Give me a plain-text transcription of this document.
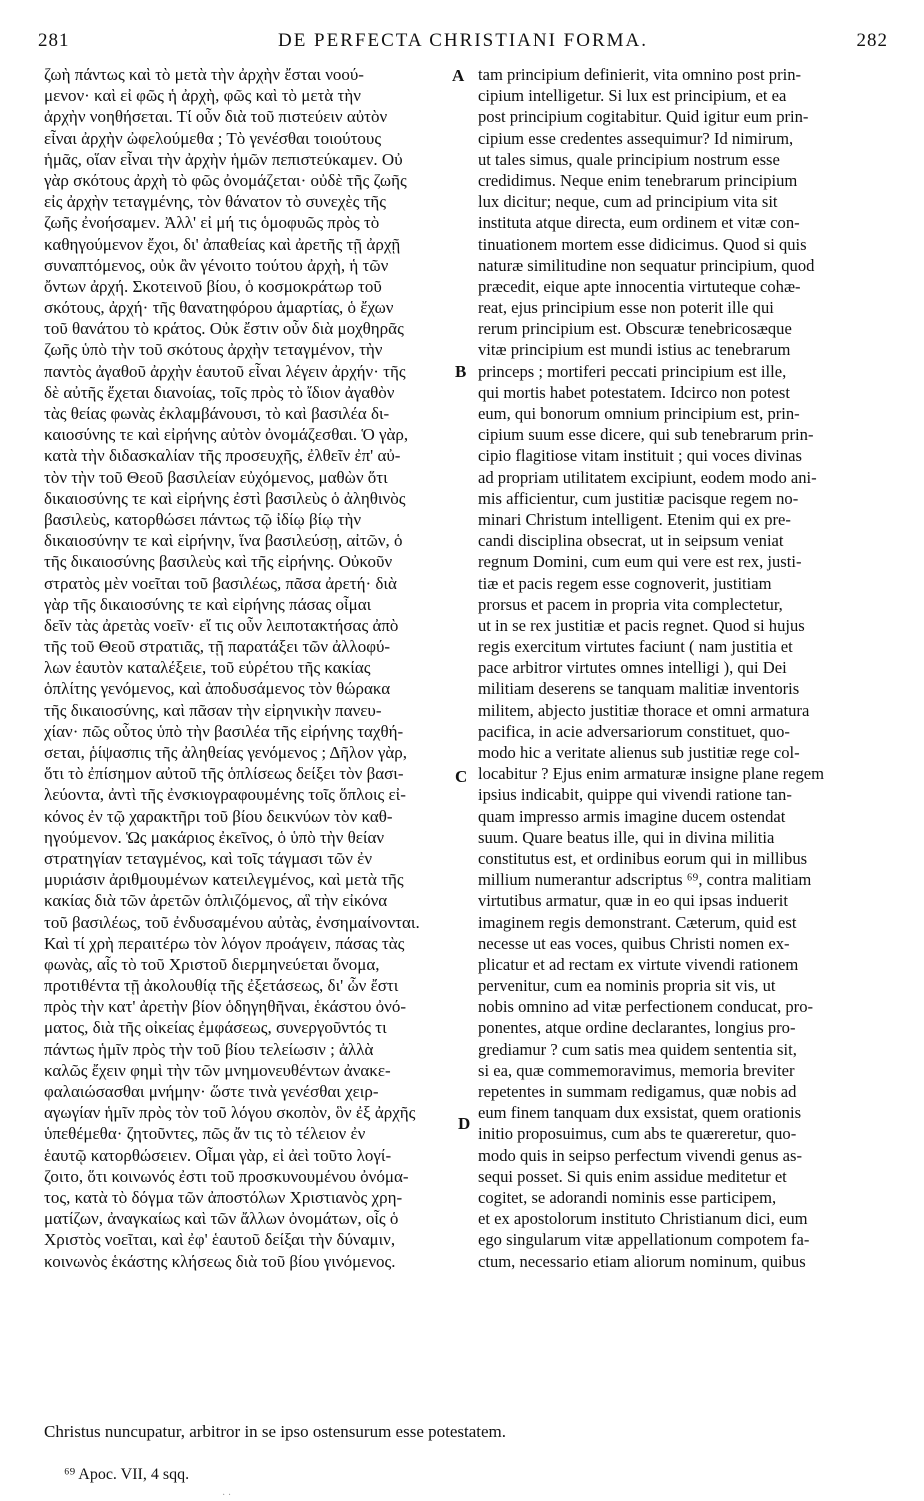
281	DE PERFECTA CHRISTIANI FORMA.	282
ζωὴ πάντως καὶ τὸ μετὰ τὴν ἀρχὴν ἔσται νοού-
μενον· καὶ εἰ φῶς ἡ ἀρχὴ, φῶς καὶ τὸ μετὰ τὴν
ἀρχὴν νοηθήσεται. Τί οὖν διὰ τοῦ πιστεύειν αὐτὸν
εἶναι ἀρχὴν ὠφελούμεθα ; Τὸ γενέσθαι τοιούτους
ἡμᾶς, οἵαν εἶναι τὴν ἀρχὴν ἡμῶν πεπιστεύκαμεν. Οὐ
γὰρ σκότους ἀρχὴ τὸ φῶς ὀνομάζεται· οὐδὲ τῆς ζωῆς
εἰς ἀρχὴν τεταγμένης, τὸν θάνατον τὸ συνεχὲς τῆς
ζωῆς ἐνοήσαμεν. Ἀλλ' εἰ μή τις ὁμοφυῶς πρὸς τὸ
καθηγούμενον ἔχοι, δι' ἀπαθείας καὶ ἀρετῆς τῇ ἀρχῇ
συναπτόμενος, οὐκ ἂν γένοιτο τούτου ἀρχὴ, ἡ τῶν
ὄντων ἀρχή. Σκοτεινοῦ βίου, ὁ κοσμοκράτωρ τοῦ
σκότους, ἀρχή· τῆς θανατηφόρου ἁμαρτίας, ὁ ἔχων
τοῦ θανάτου τὸ κράτος. Οὐκ ἔστιν οὖν διὰ μοχθηρᾶς
ζωῆς ὑπὸ τὴν τοῦ σκότους ἀρχὴν τεταγμένον, τὴν
παντὸς ἀγαθοῦ ἀρχὴν ἑαυτοῦ εἶναι λέγειν ἀρχήν· τῆς
δὲ αὐτῆς ἔχεται διανοίας, τοῖς πρὸς τὸ ἴδιον ἀγαθὸν
τὰς θείας φωνὰς ἐκλαμβάνουσι, τὸ καὶ βασιλέα δι-
καιοσύνης τε καὶ εἰρήνης αὐτὸν ὀνομάζεσθαι. Ὁ γὰρ,
κατὰ τὴν διδασκαλίαν τῆς προσευχῆς, ἐλθεῖν ἐπ' αὐ-
τὸν τὴν τοῦ Θεοῦ βασιλείαν εὐχόμενος, μαθὼν ὅτι
δικαιοσύνης τε καὶ εἰρήνης ἐστὶ βασιλεὺς ὁ ἀληθινὸς
βασιλεὺς, κατορθώσει πάντως τῷ ἰδίῳ βίῳ τὴν
δικαιοσύνην τε καὶ εἰρήνην, ἵνα βασιλεύσῃ, αἰτῶν, ὁ
τῆς δικαιοσύνης βασιλεὺς καὶ τῆς εἰρήνης. Οὐκοῦν
στρατὸς μὲν νοεῖται τοῦ βασιλέως, πᾶσα ἀρετή· διὰ
γὰρ τῆς δικαιοσύνης τε καὶ εἰρήνης πάσας οἶμαι
δεῖν τὰς ἀρετὰς νοεῖν· εἴ τις οὖν λειποτακτήσας ἀπὸ
τῆς τοῦ Θεοῦ στρατιᾶς, τῇ παρατάξει τῶν ἀλλοφύ-
λων ἑαυτὸν καταλέξειε, τοῦ εὑρέτου τῆς κακίας
ὁπλίτης γενόμενος, καὶ ἀποδυσάμενος τὸν θώρακα
τῆς δικαιοσύνης, καὶ πᾶσαν τὴν εἰρηνικὴν πανευ-
χίαν· πῶς οὗτος ὑπὸ τὴν βασιλέα τῆς εἰρήνης ταχθή-
σεται, ῥίψασπις τῆς ἀληθείας γενόμενος ; Δῆλον γὰρ,
ὅτι τὸ ἐπίσημον αὐτοῦ τῆς ὁπλίσεως δείξει τὸν βασι-
λεύοντα, ἀντὶ τῆς ἐνσκιογραφουμένης τοῖς ὅπλοις εἰ-
κόνος ἐν τῷ χαρακτῆρι τοῦ βίου δεικνύων τὸν καθ-
ηγούμενον. Ὡς μακάριος ἐκεῖνος, ὁ ὑπὸ τὴν θείαν
στρατηγίαν τεταγμένος, καὶ τοῖς τάγμασι τῶν ἐν
μυριάσιν ἀριθμουμένων κατειλεγμένος, καὶ μετὰ τῆς
κακίας διὰ τῶν ἀρετῶν ὁπλιζόμενος, αἳ τὴν εἰκόνα
τοῦ βασιλέως, τοῦ ἐνδυσαμένου αὐτὰς, ἐνσημαίνονται.
Καὶ τί χρὴ περαιτέρω τὸν λόγον προάγειν, πάσας τὰς
φωνὰς, αἷς τὸ τοῦ Χριστοῦ διερμηνεύεται ὄνομα,
προτιθέντα τῇ ἀκολουθίᾳ τῆς ἐξετάσεως, δι' ὧν ἔστι
πρὸς τὴν κατ' ἀρετὴν βίον ὁδηγηθῆναι, ἑκάστου ὀνό-
ματος, διὰ τῆς οἰκείας ἐμφάσεως, συνεργοῦντός τι
πάντως ἡμῖν πρὸς τὴν τοῦ βίου τελείωσιν ; ἀλλὰ
καλῶς ἔχειν φημὶ τὴν τῶν μνημονευθέντων ἀνακε-
φαλαιώσασθαι μνήμην· ὥστε τινὰ γενέσθαι χειρ-
αγωγίαν ἡμῖν πρὸς τὸν τοῦ λόγου σκοπὸν, ὃν ἐξ ἀρχῆς
ὑπεθέμεθα· ζητοῦντες, πῶς ἄν τις τὸ τέλειον ἐν
ἑαυτῷ κατορθώσειεν. Οἶμαι γὰρ, εἰ ἀεὶ τοῦτο λογί-
ζοιτο, ὅτι κοινωνός ἐστι τοῦ προσκυνουμένου ὀνόμα-
τος, κατὰ τὸ δόγμα τῶν ἀποστόλων Χριστιανὸς χρη-
ματίζων, ἀναγκαίως καὶ τῶν ἄλλων ὀνομάτων, οἷς ὁ
Χριστὸς νοεῖται, καὶ ἐφ' ἑαυτοῦ δείξαι τὴν δύναμιν,
κοινωνὸς ἑκάστης κλήσεως διὰ τοῦ βίου γινόμενος.
tam principium definierit, vita omnino post prin-
cipium intelligetur. Si lux est principium, et ea
post principium cogitabitur. Quid igitur eum prin-
cipium esse credentes assequimur? Id nimirum,
ut tales simus, quale principium nostrum esse
credidimus. Neque enim tenebrarum principium
lux dicitur; neque, cum ad principium vita sit
instituta atque directa, eum ordinem et vitæ con-
tinuationem mortem esse didicimus. Quod si quis
naturæ similitudine non sequatur principium, quod
præcedit, eique apte innocentia virtuteque cohæ-
reat, ejus principium esse non poterit ille qui
rerum principium est. Obscuræ tenebricosæque
vitæ principium est mundi istius ac tenebrarum
princeps ; mortiferi peccati principium est ille,
qui mortis habet potestatem. Idcirco non potest
eum, qui bonorum omnium principium est, prin-
cipium suum esse dicere, qui sub tenebrarum prin-
cipio flagitiose vitam instituit ; qui voces divinas
ad propriam utilitatem excipiunt, eodem modo ani-
mis afficientur, cum justitiæ pacisque regem no-
minari Christum intelligent. Etenim qui ex pre-
candi disciplina obsecrat, ut in seipsum veniat
regnum Domini, cum eum qui vere est rex, justi-
tiæ et pacis regem esse cognoverit, justitiam
prorsus et pacem in propria vita complectetur,
ut in se rex justitiæ et pacis regnet. Quod si hujus
regis exercitum virtutes faciunt ( nam justitia et
pace arbitror virtutes omnes intelligi ), qui Dei
militiam deserens se tanquam malitiæ inventoris
militem, abjecto justitiæ thorace et omni armatura
pacifica, in acie adversariorum constituet, quo-
modo hic a veritate alienus sub justitiæ rege col-
locabitur ? Ejus enim armaturæ insigne plane regem
ipsius indicabit, quippe qui vivendi ratione tan-
quam impresso armis imagine ducem ostendat
suum. Quare beatus ille, qui in divina militia
constitutus est, et ordinibus eorum qui in millibus
millium numerantur adscriptus ⁶⁹, contra malitiam
virtutibus armatur, quæ in eo qui ipsas induerit
imaginem regis demonstrant. Cæterum, quid est
necesse ut eas voces, quibus Christi nomen ex-
plicatur et ad rectam ex virtute vivendi rationem
pervenitur, cum ea nominis propria sit vis, ut
nobis omnino ad vitæ perfectionem conducat, pro-
ponentes, atque ordine declarantes, longius pro-
grediamur ? cum satis mea quidem sententia sit,
si ea, quæ commemoravimus, memoria breviter
repetentes in summam redigamus, quæ nobis ad
eum finem tanquam dux exsistat, quem orationis
initio proposuimus, cum abs te quæreretur, quo-
modo quis in seipso perfectum vivendi genus as-
sequi posset. Si quis enim assidue meditetur et
cogitet, se adorandi nominis esse participem,
et ex apostolorum instituto Christianum dici, eum
ego singularum vitæ appellationum compotem fa-
ctum, necessario etiam aliorum nominum, quibus
A
B
C
D
Christus nuncupatur, arbitror in se ipso ostensurum esse potestatem.
⁶⁹ Apoc. VII, 4 sqq.
· ·
